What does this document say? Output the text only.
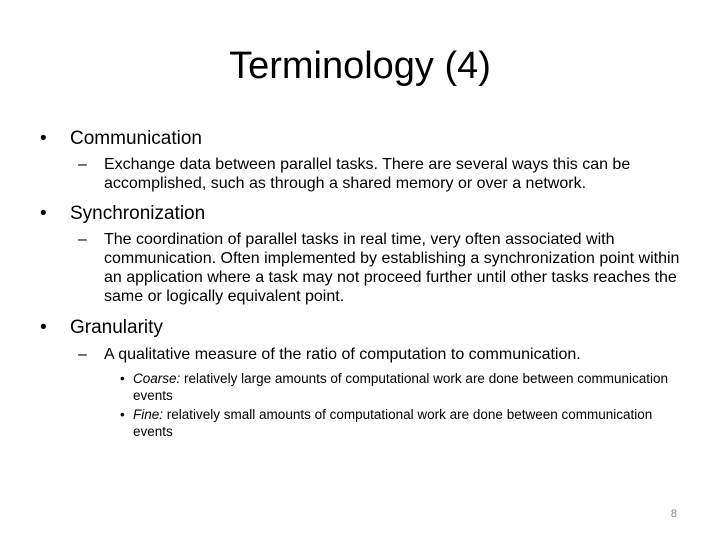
Terminology (4)
• Communication
– Exchange data between parallel tasks. There are several ways this can be accomplished, such as through a shared memory or over a network.
• Synchronization
– The coordination of parallel tasks in real time, very often associated with communication. Often implemented by establishing a synchronization point within an application where a task may not proceed further until other tasks reaches the same or logically equivalent point.
• Granularity
– A qualitative measure of the ratio of computation to communication.
• Coarse: relatively large amounts of computational work are done between communication events
• Fine: relatively small amounts of computational work are done between communication events
8
